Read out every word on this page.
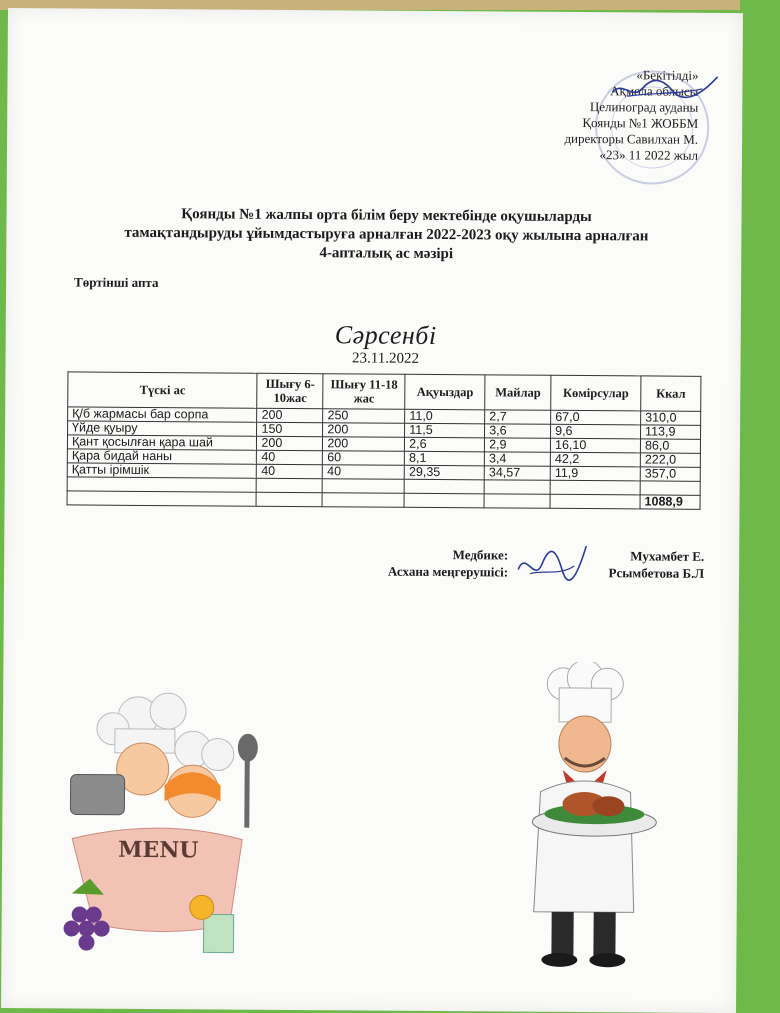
«Бекітілді»
Ақмола облысы
Целиноград ауданы
Қоянды №1 ЖОББМ
директоры Савилхан М.
«23» 11 2022 жыл
Қоянды №1 жалпы орта білім беру мектебінде оқушыларды
тамақтандыруды ұйымдастыруға арналған 2022-2023 оқу жылына арналған
4-апталық ас мәзірі
Төртінші апта
Сәрсенбі
23.11.2022
Түскі ас	Шығу 6-10жас	Шығу 11-18 жас	Ақуыздар	Майлар	Көмірсулар	Ккал
Қ/б жармасы бар сорпа	200	250	11,0	2,7	67,0	310,0
Үйде қуыру	150	200	11,5	3,6	9,6	113,9
Қант қосылған қара шай	200	200	2,6	2,9	16,10	86,0
Қара бидай наны	40	60	8,1	3,4	42,2	222,0
Қатты ірімшік	40	40	29,35	34,57	11,9	357,0

						1088,9
Медбике:	Мухамбет Е.
Асхана меңгерушісі:	Рсымбетова Б.Л
MENU
